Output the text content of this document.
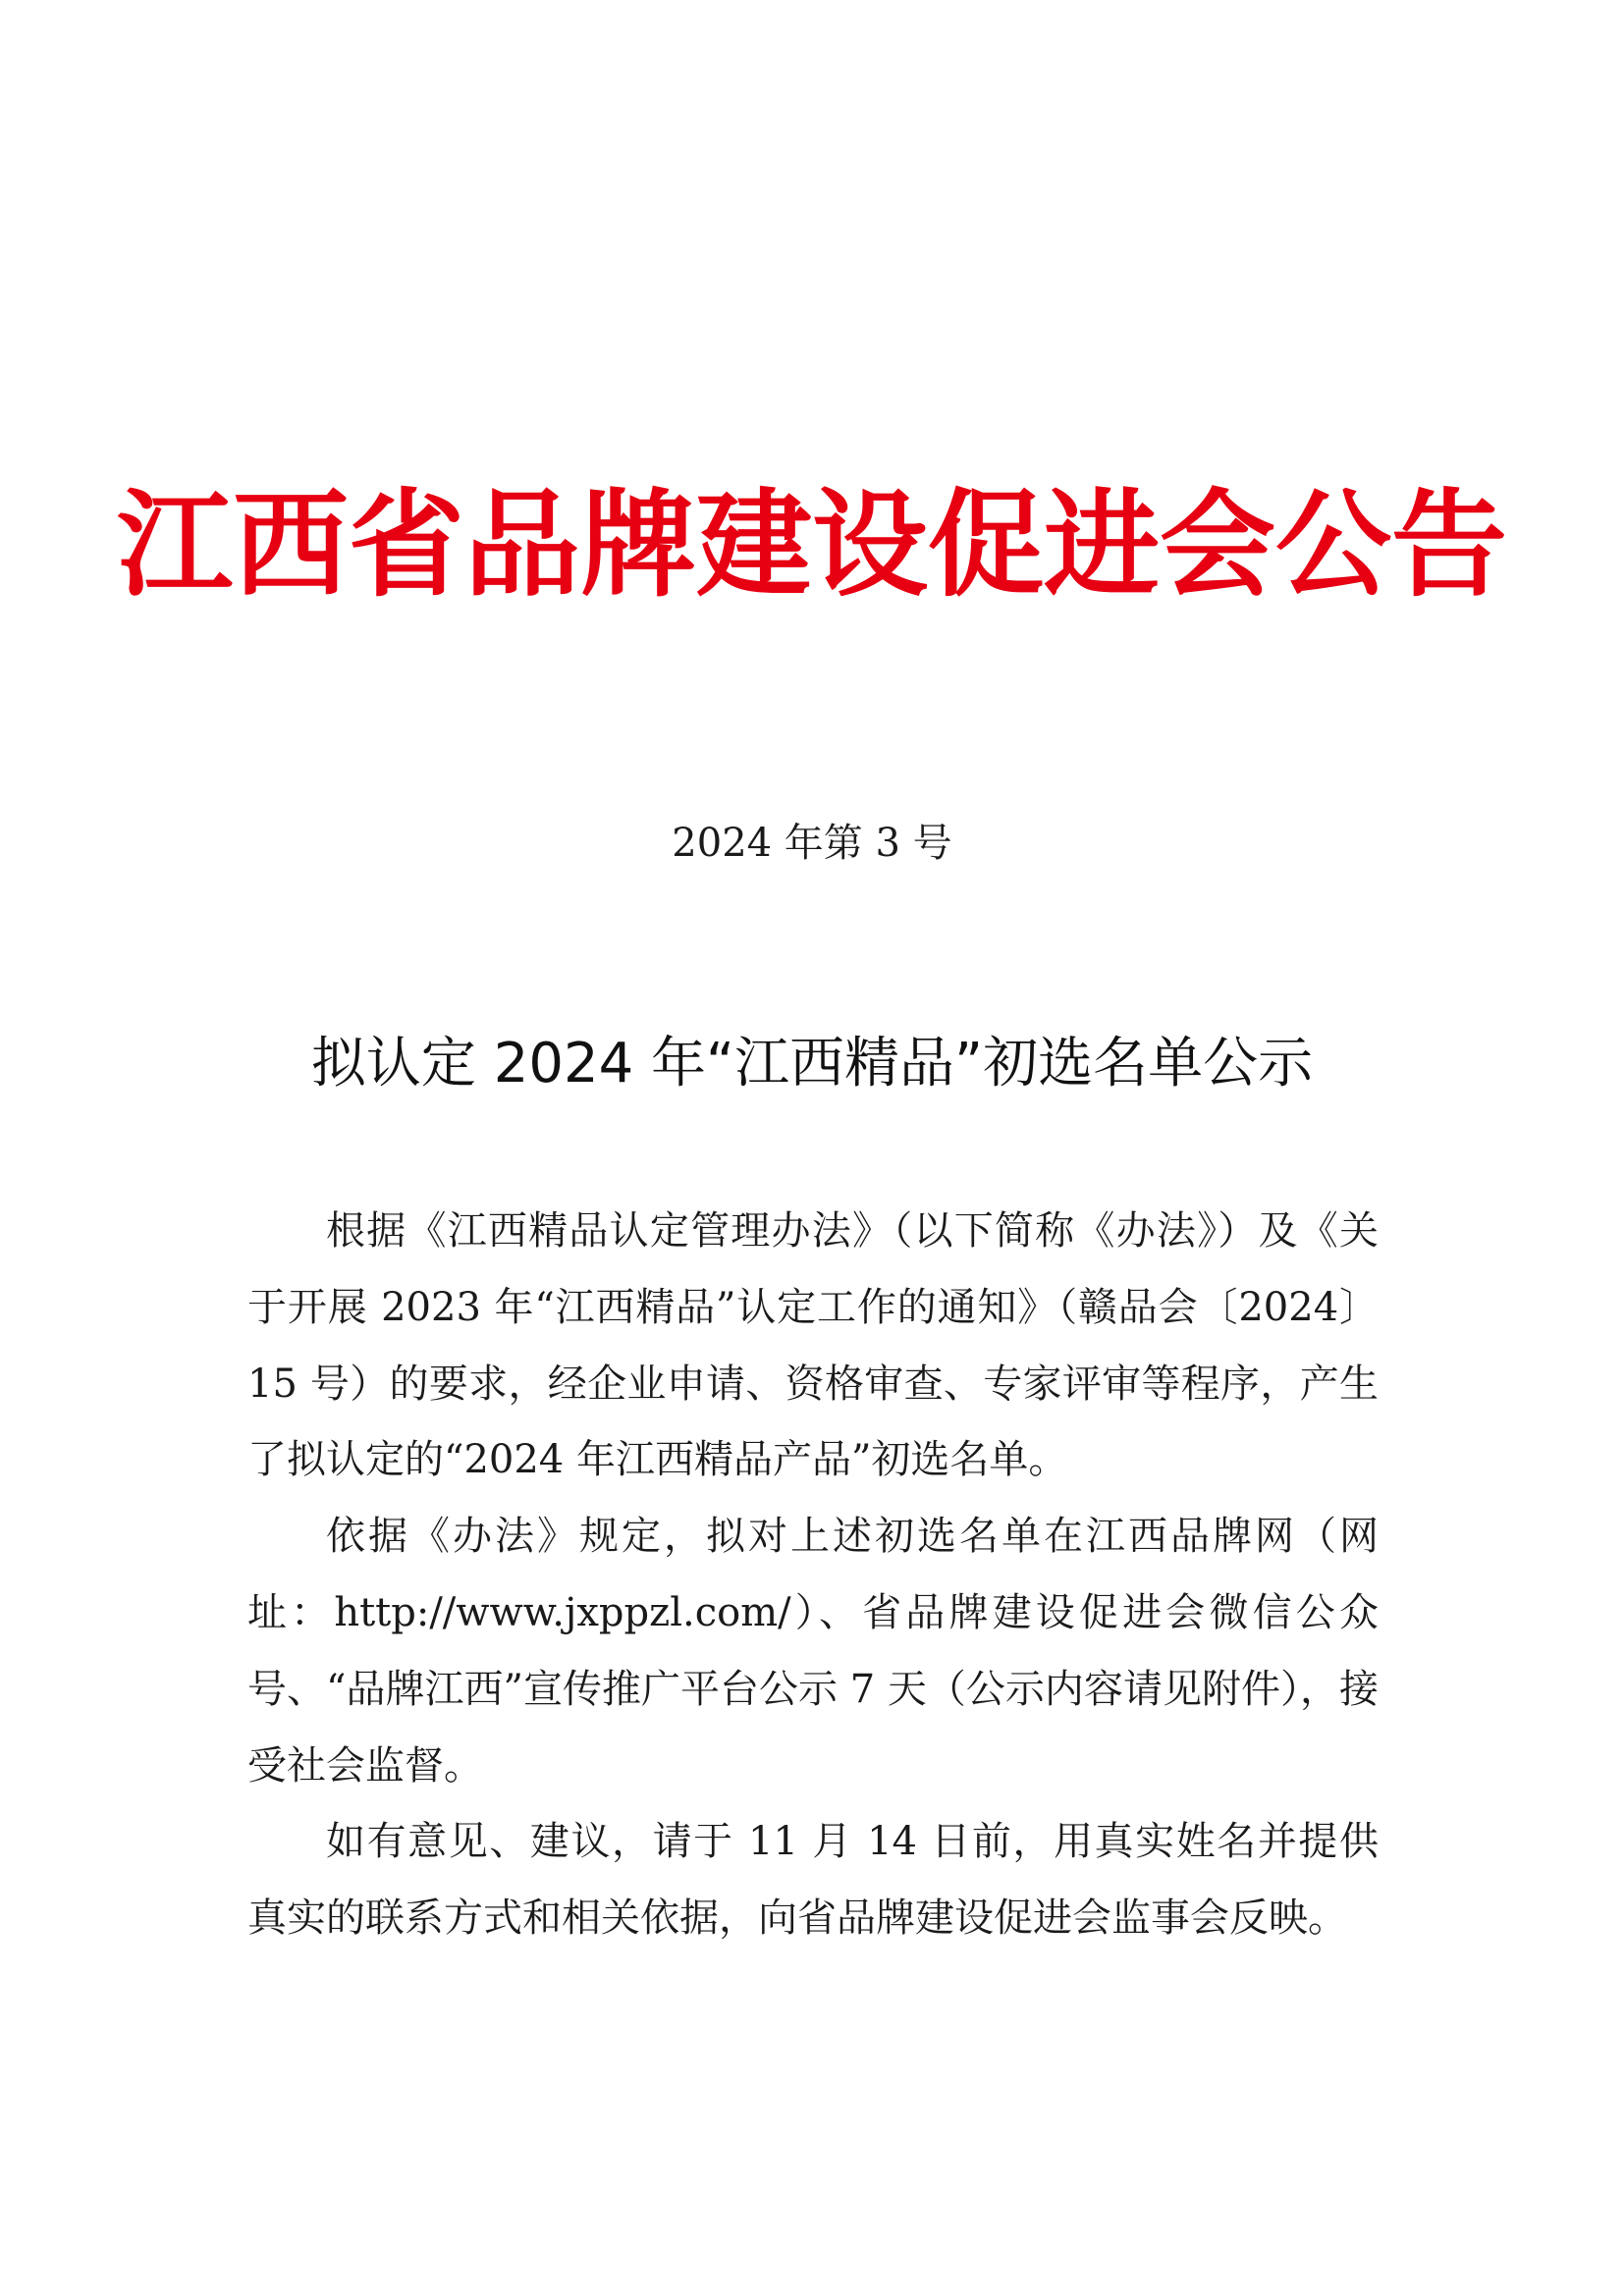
江西省品牌建设促进会公告
2024 年第 3 号
拟认定 2024 年“江西精品”初选名单公示

根据《江西精品认定管理办法》（以下简称《办法》）及《关于开展 2023 年“江西精品”认定工作的通知》（赣品会〔2024〕15 号）的要求，经企业申请、资格审查、专家评审等程序，产生了拟认定的“2024 年江西精品产品”初选名单。

依据《办法》规定，拟对上述初选名单在江西品牌网（网址：http://www.jxppzl.com/）、省品牌建设促进会微信公众号、“品牌江西”宣传推广平台公示 7 天（公示内容请见附件），接受社会监督。

如有意见、建议，请于 11 月 14 日前，用真实姓名并提供真实的联系方式和相关依据，向省品牌建设促进会监事会反映。
